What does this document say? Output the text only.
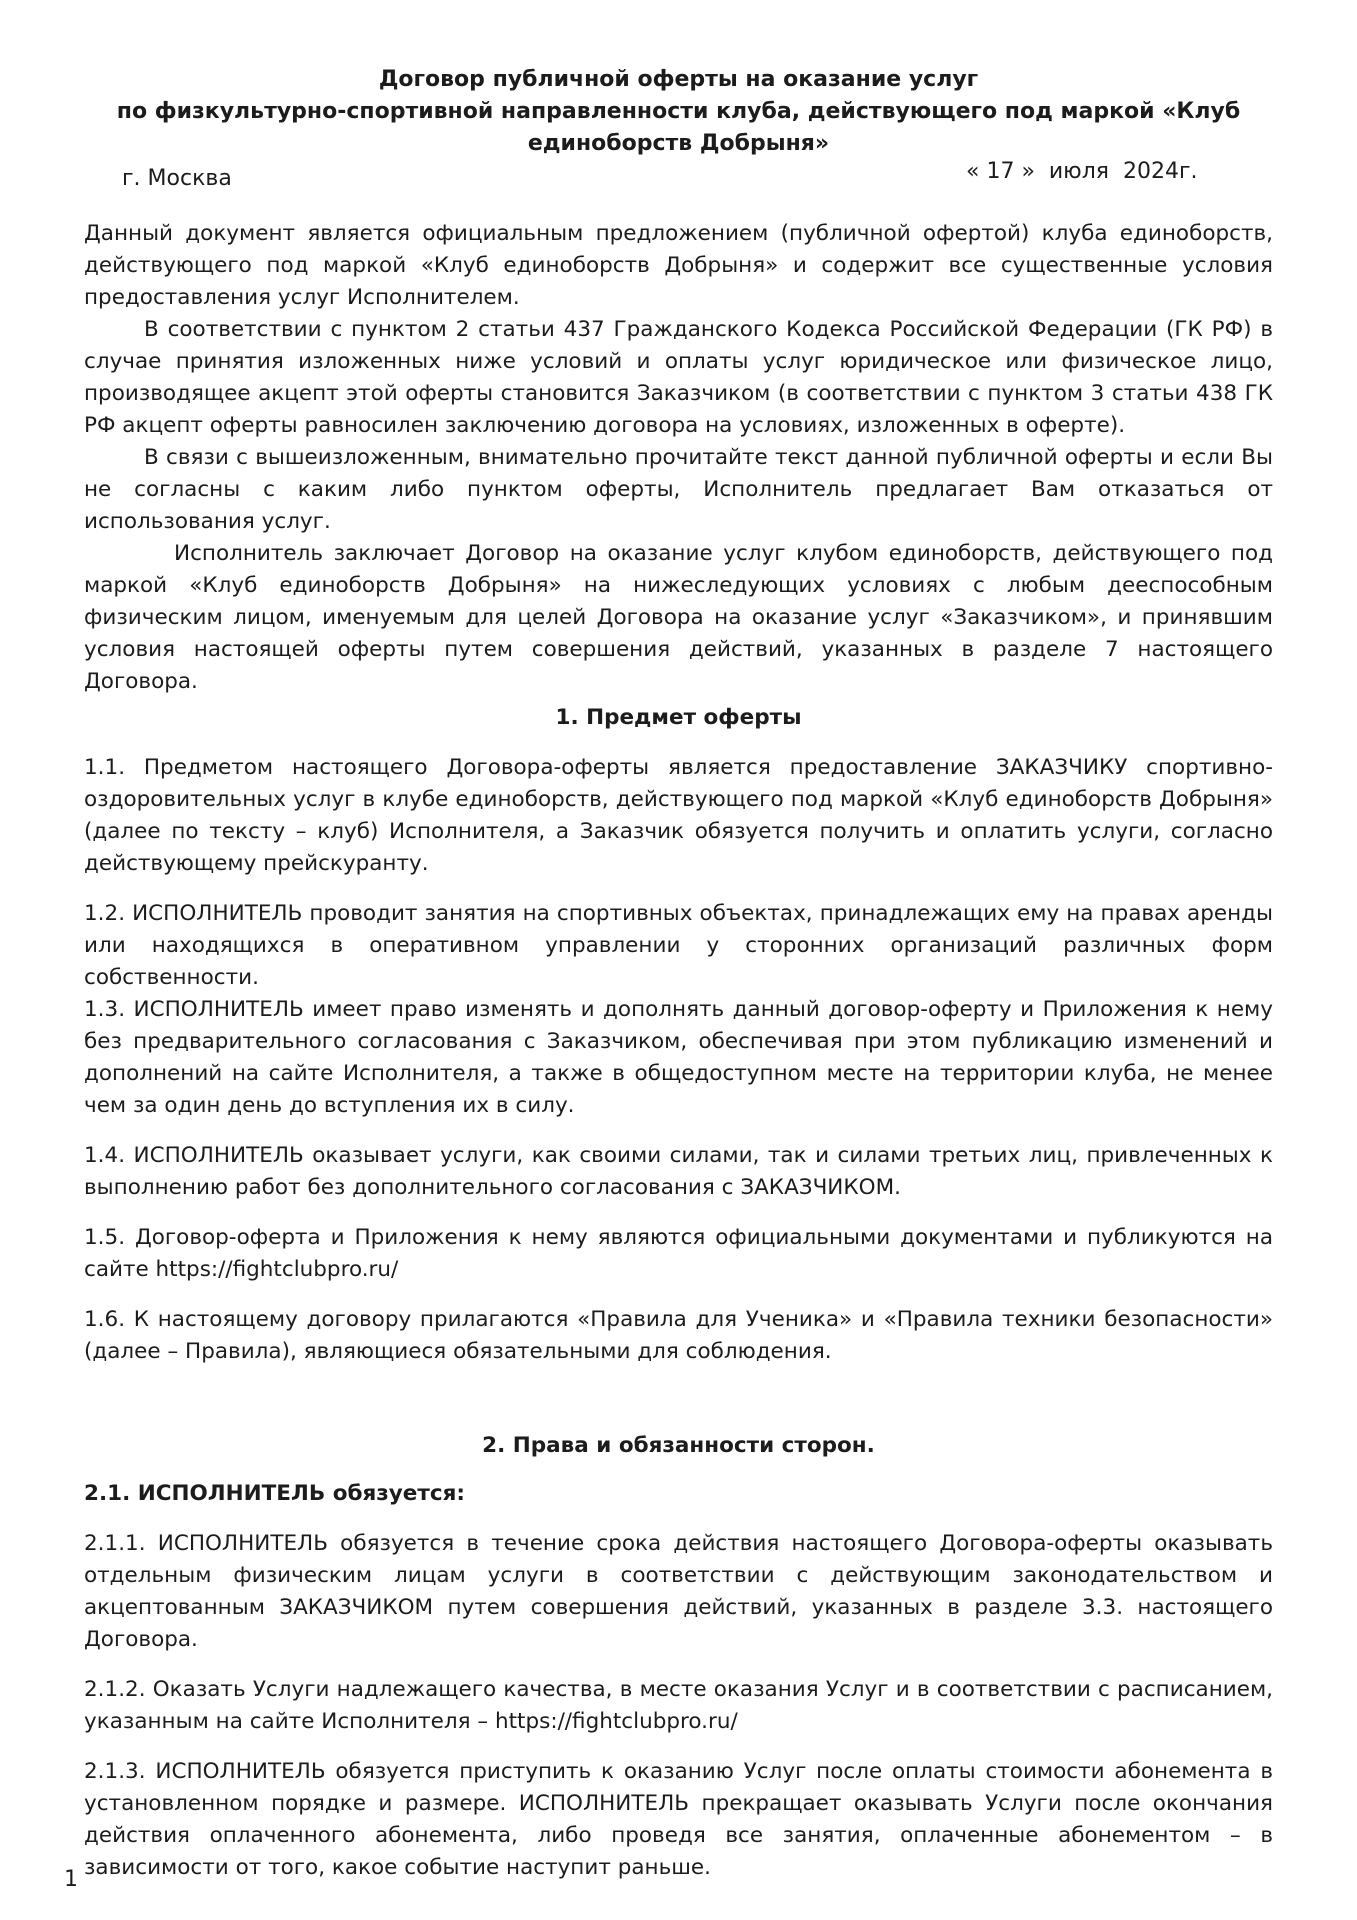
Договор публичной оферты на оказание услуг
по физкультурно-спортивной направленности клуба, действующего под маркой «Клуб единоборств Добрыня»
г. Москва	« 17 »  июля  2024г.

Данный документ является официальным предложением (публичной офертой) клуба единоборств, действующего под маркой «Клуб единоборств Добрыня» и содержит все существенные условия предоставления услуг Исполнителем.

В соответствии с пунктом 2 статьи 437 Гражданского Кодекса Российской Федерации (ГК РФ) в случае принятия изложенных ниже условий и оплаты услуг юридическое или физическое лицо, производящее акцепт этой оферты становится Заказчиком (в соответствии с пунктом 3 статьи 438 ГК РФ акцепт оферты равносилен заключению договора на условиях, изложенных в оферте).

В связи с вышеизложенным, внимательно прочитайте текст данной публичной оферты и если Вы не согласны с каким либо пунктом оферты, Исполнитель предлагает Вам отказаться от использования услуг.

Исполнитель заключает Договор на оказание услуг клубом единоборств, действующего под маркой «Клуб единоборств Добрыня» на нижеследующих условиях с любым дееспособным физическим лицом, именуемым для целей Договора на оказание услуг «Заказчиком», и принявшим условия настоящей оферты путем совершения действий, указанных в разделе 7 настоящего Договора.

1. Предмет оферты

1.1. Предметом настоящего Договора-оферты является предоставление ЗАКАЗЧИКУ спортивно-оздоровительных услуг в клубе единоборств, действующего под маркой «Клуб единоборств Добрыня» (далее по тексту – клуб) Исполнителя, а Заказчик обязуется получить и оплатить услуги, согласно действующему прейскуранту.

1.2. ИСПОЛНИТЕЛЬ проводит занятия на спортивных объектах, принадлежащих ему на правах аренды или находящихся в оперативном управлении у сторонних организаций различных форм собственности.

1.3. ИСПОЛНИТЕЛЬ имеет право изменять и дополнять данный договор-оферту и Приложения к нему без предварительного согласования с Заказчиком, обеспечивая при этом публикацию изменений и дополнений на сайте Исполнителя, а также в общедоступном месте на территории клуба, не менее чем за один день до вступления их в силу.

1.4. ИСПОЛНИТЕЛЬ оказывает услуги, как своими силами, так и силами третьих лиц, привлеченных к выполнению работ без дополнительного согласования с ЗАКАЗЧИКОМ.

1.5. Договор-оферта и Приложения к нему являются официальными документами и публикуются на сайте https://fightclubpro.ru/

1.6. К настоящему договору прилагаются «Правила для Ученика» и «Правила техники безопасности» (далее – Правила), являющиеся обязательными для соблюдения.

2. Права и обязанности сторон.

2.1. ИСПОЛНИТЕЛЬ обязуется:

2.1.1. ИСПОЛНИТЕЛЬ обязуется в течение срока действия настоящего Договора-оферты оказывать отдельным физическим лицам услуги в соответствии с действующим законодательством и акцептованным ЗАКАЗЧИКОМ путем совершения действий, указанных в разделе 3.3. настоящего Договора.

2.1.2. Оказать Услуги надлежащего качества, в месте оказания Услуг и в соответствии с расписанием, указанным на сайте Исполнителя – https://fightclubpro.ru/

2.1.3. ИСПОЛНИТЕЛЬ обязуется приступить к оказанию Услуг после оплаты стоимости абонемента в установленном порядке и размере. ИСПОЛНИТЕЛЬ прекращает оказывать Услуги после окончания действия оплаченного абонемента, либо проведя все занятия, оплаченные абонементом – в зависимости от того, какое событие наступит раньше.

1
